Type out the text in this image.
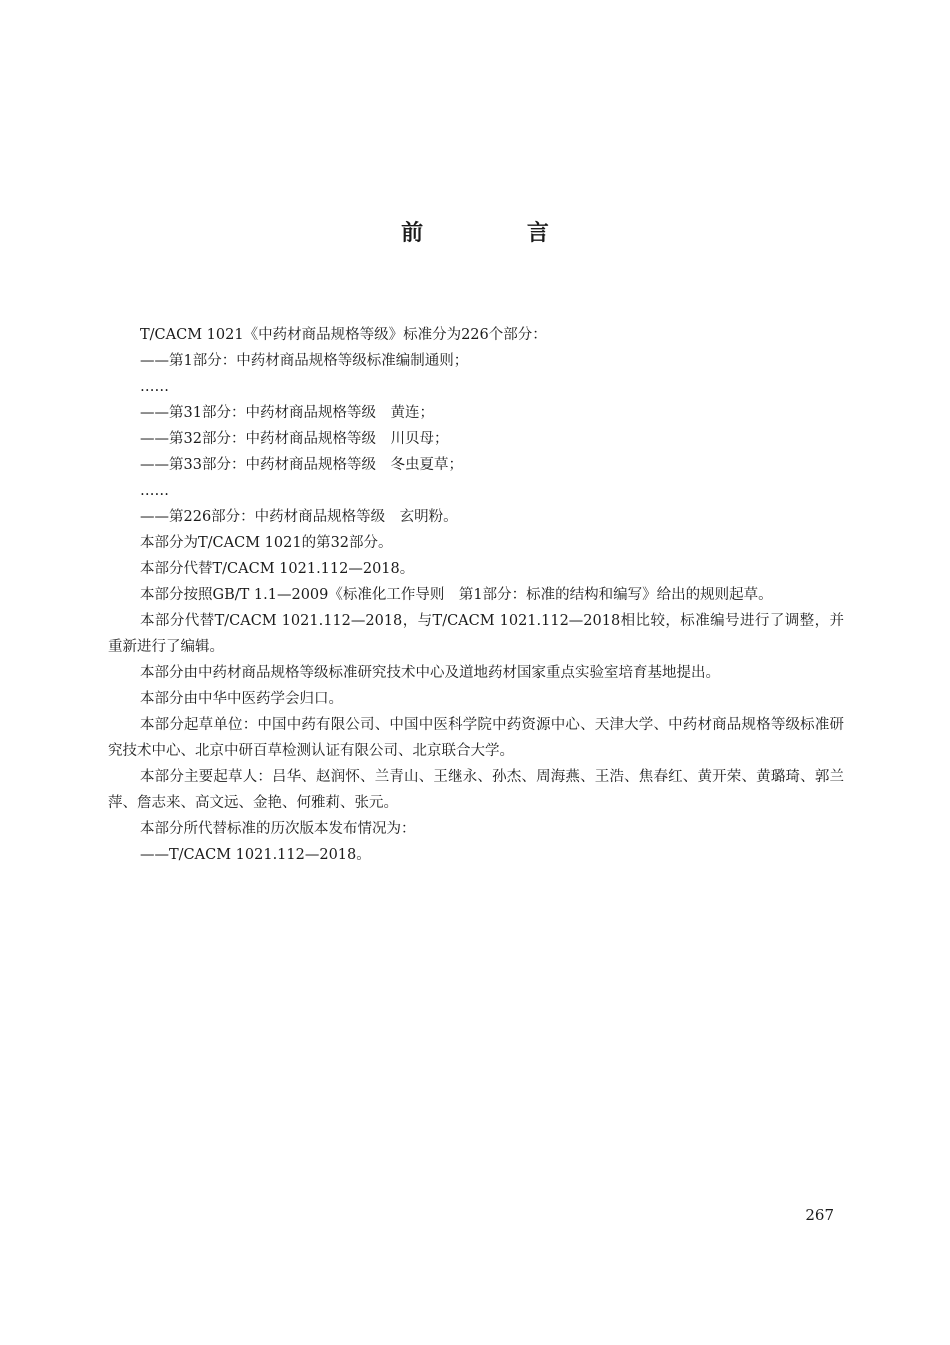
前 言

T/CACM 1021《中药材商品规格等级》标准分为226个部分：

——第1部分：中药材商品规格等级标准编制通则；

……

——第31部分：中药材商品规格等级　黄连；

——第32部分：中药材商品规格等级　川贝母；

——第33部分：中药材商品规格等级　冬虫夏草；

……

——第226部分：中药材商品规格等级　玄明粉。

本部分为T/CACM 1021的第32部分。

本部分代替T/CACM 1021.112—2018。

本部分按照GB/T 1.1—2009《标准化工作导则　第1部分：标准的结构和编写》给出的规则起草。

本部分代替T/CACM 1021.112—2018，与T/CACM 1021.112—2018相比较，标准编号进行了调整，并重新进行了编辑。

本部分由中药材商品规格等级标准研究技术中心及道地药材国家重点实验室培育基地提出。

本部分由中华中医药学会归口。

本部分起草单位：中国中药有限公司、中国中医科学院中药资源中心、天津大学、中药材商品规格等级标准研究技术中心、北京中研百草检测认证有限公司、北京联合大学。

本部分主要起草人：吕华、赵润怀、兰青山、王继永、孙杰、周海燕、王浩、焦春红、黄开荣、黄璐琦、郭兰萍、詹志来、高文远、金艳、何雅莉、张元。

本部分所代替标准的历次版本发布情况为：

——T/CACM 1021.112—2018。

267
